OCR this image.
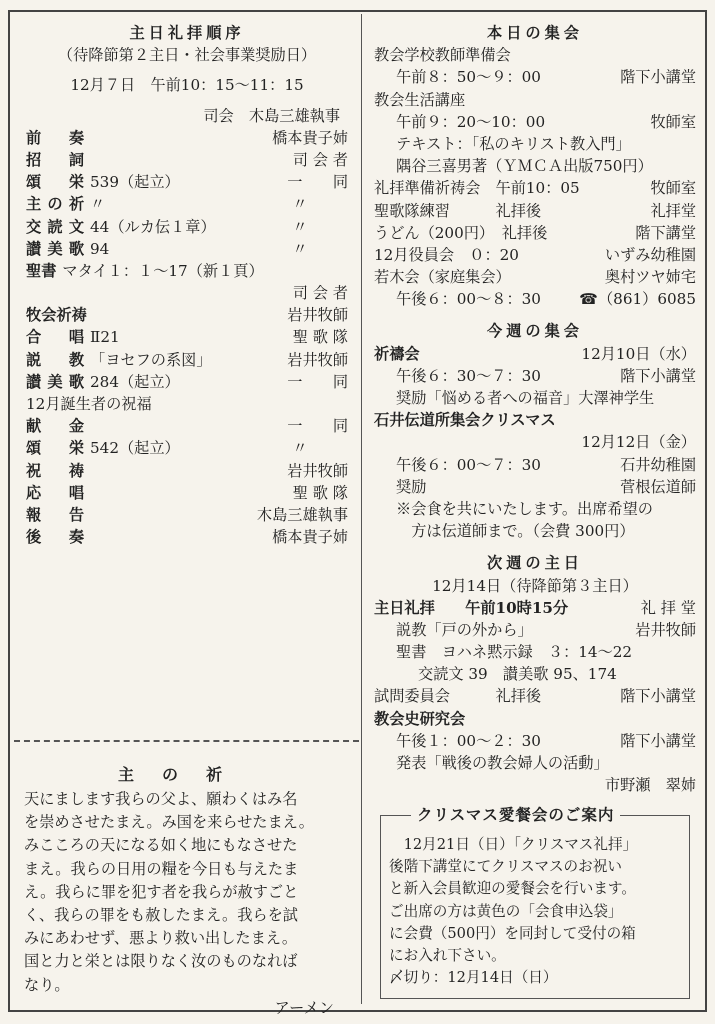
主日礼拝順序
（待降節第２主日・社会事業奨励日）
12月７日　午前10：15～11：15
司会　木島三雄執事
前奏	橋本貴子姉
招詞	司 会 者
頌栄 539（起立）	一　　同
主の祈 〃	〃
交読文 44（ルカ伝１章）	〃
讃美歌 94	〃
聖書 マタイ１：１～17（新１頁）
司 会 者
牧会祈祷	岩井牧師
合唱 Ⅱ21	聖 歌 隊
説教 「ヨセフの系図」	岩井牧師
讃美歌 284（起立）	一　　同
12月誕生者の祝福
献金	一　　同
頌栄 542（起立）	〃
祝祷	岩井牧師
応唱	聖 歌 隊
報告	木島三雄執事
後奏	橋本貴子姉
主の祈
天にまします我らの父よ、願わくはみ名
を崇めさせたまえ。み国を来らせたまえ。
みこころの天になる如く地にもなさせた
まえ。我らの日用の糧を今日も与えたま
え。我らに罪を犯す者を我らが赦すごと
く、我らの罪をも赦したまえ。我らを試
みにあわせず、悪より救い出したまえ。
国と力と栄とは限りなく汝のものなれば
なり。
アーメン
本日の集会
教会学校教師準備会
午前８：50～９：00	階下小講堂
教会生活講座
午前９：20～10：00	牧師室
テキスト：「私のキリスト教入門」
隅谷三喜男著（ＹＭＣＡ出版750円）
礼拝準備祈祷会　午前10：05	牧師室
聖歌隊練習　　　礼拝後	礼拝堂
うどん（200円）　礼拝後	階下講堂
12月役員会　０：20	いずみ幼稚園
若木会（家庭集会）	奥村ツヤ姉宅
午後６：00～８：30	☎（861）6085
今週の集会
祈禱会	12月10日（水）
午後６：30～７：30	階下小講堂
奨励「悩める者への福音」大澤神学生
石井伝道所集会クリスマス
12月12日（金）
午後６：00～７：30	石井幼稚園
奨励	菅根伝道師
※会食を共にいたします。出席希望の
　方は伝道師まで。（会費 300円）
次週の主日
12月14日（待降節第３主日）
主日礼拝　　午前10時15分	礼 拝 堂
説教「戸の外から」	岩井牧師
聖書　ヨハネ黙示録　３：14～22
交読文 39　讃美歌 95、174
試問委員会　　　礼拝後	階下小講堂
教会史研究会
午後１：00～２：30	階下小講堂
発表「戦後の教会婦人の活動」
市野瀬　翠姉
クリスマス愛餐会のご案内
　12月21日（日）「クリスマス礼拝」
後階下講堂にてクリスマスのお祝い
と新入会員歓迎の愛餐会を行います。
ご出席の方は黄色の「会食申込袋」
に会費（500円）を同封して受付の箱
にお入れ下さい。
〆切り：12月14日（日）
